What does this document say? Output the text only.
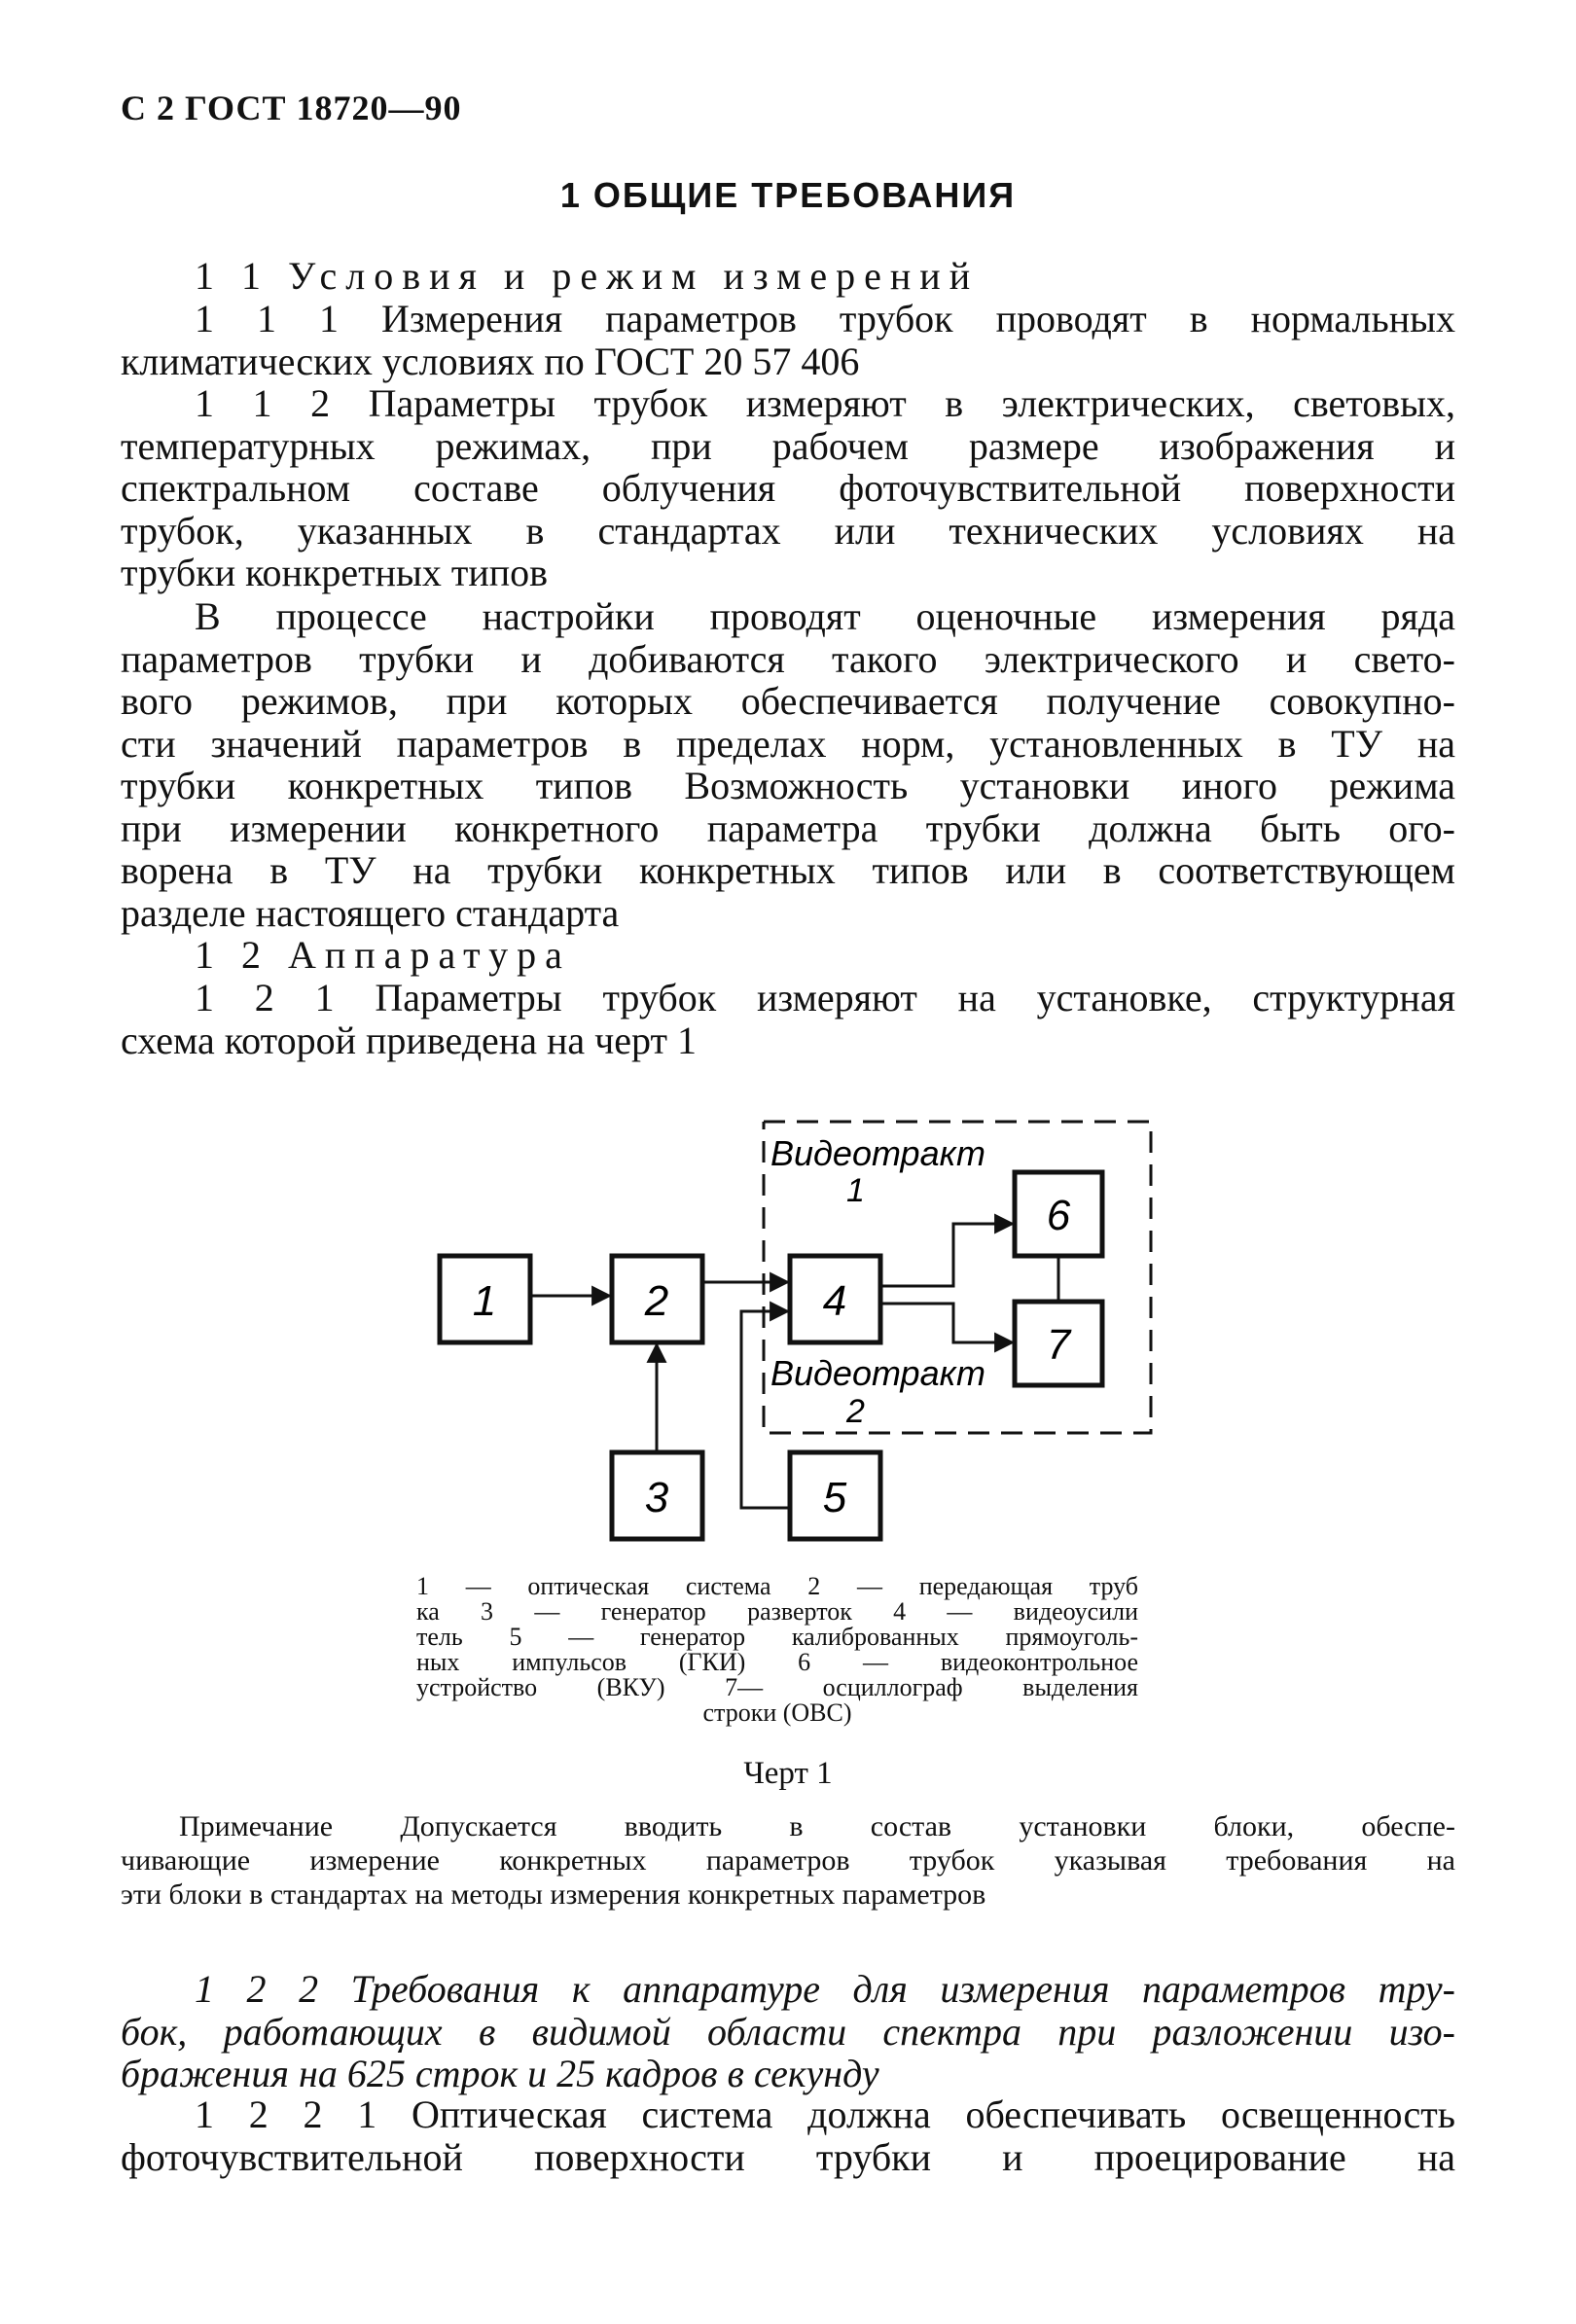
С 2 ГОСТ 18720—90
1 ОБЩИЕ ТРЕБОВАНИЯ
1 1 Условия и режим измерений
1 1 1 Измерения параметров трубок проводят в нормальных
климатических условиях по ГОСТ 20 57 406
1 1 2 Параметры трубок измеряют в электрических, световых,
температурных режимах, при рабочем размере изображения и
спектральном составе облучения фоточувствительной поверхности
трубок, указанных в стандартах или технических условиях на
трубки конкретных типов
В процессе настройки проводят оценочные измерения ряда
параметров трубки и добиваются такого электрического и свето-
вого режимов, при которых обеспечивается получение совокупно-
сти значений параметров в пределах норм, установленных в ТУ на
трубки конкретных типов Возможность установки иного режима
при измерении конкретного параметра трубки должна быть ого-
ворена в ТУ на трубки конкретных типов или в соответствующем
разделе настоящего стандарта
1 2 Аппаратура
1 2 1 Параметры трубок измеряют на установке, структурная
схема которой приведена на черт 1
Видеотракт
1
Видеотракт
2
1	2
3
4
5
6
7
1 — оптическая система 2 — передающая труб
ка 3 — генератор разверток 4 — видеоусили
тель 5 — генератор калиброванных прямоуголь-
ных импульсов (ГКИ) 6 — видеоконтрольное
устройство (ВКУ) 7— осциллограф выделения
строки (ОВС)
Черт 1
Примечание Допускается вводить в состав установки блоки, обеспе-
чивающие измерение конкретных параметров трубок указывая требования на
эти блоки в стандартах на методы измерения конкретных параметров
1 2 2 Требования к аппаратуре для измерения параметров тру-
бок, работающих в видимой области спектра при разложении изо-
бражения на 625 строк и 25 кадров в секунду
1 2 2 1 Оптическая система должна обеспечивать освещенность
фоточувствительной поверхности трубки и проецирование на
